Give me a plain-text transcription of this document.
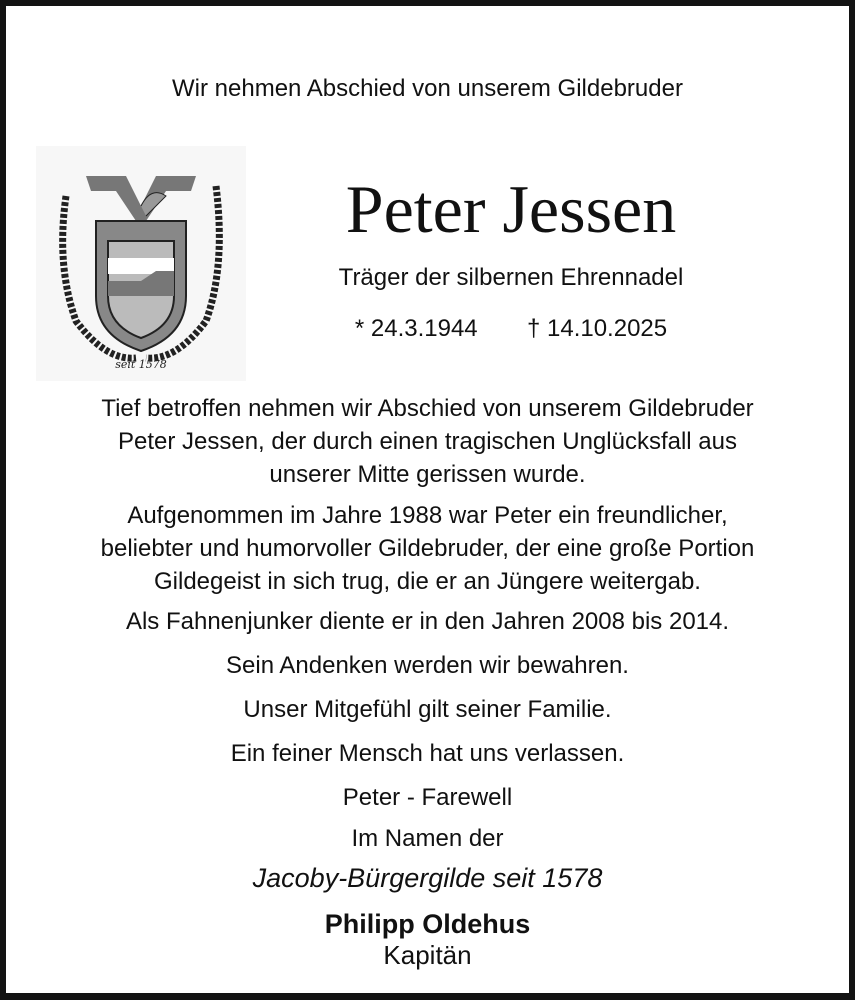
Wir nehmen Abschied von unserem Gildebruder
seit 1578
Peter Jessen
Träger der silbernen Ehrennadel
* 24.3.1944 † 14.10.2025
Tief betroffen nehmen wir Abschied von unserem Gildebruder
Peter Jessen, der durch einen tragischen Unglücksfall aus
unserer Mitte gerissen wurde.
Aufgenommen im Jahre 1988 war Peter ein freundlicher,
beliebter und humorvoller Gildebruder, der eine große Portion
Gildegeist in sich trug, die er an Jüngere weitergab.
Als Fahnenjunker diente er in den Jahren 2008 bis 2014.
Sein Andenken werden wir bewahren.
Unser Mitgefühl gilt seiner Familie.
Ein feiner Mensch hat uns verlassen.
Peter - Farewell
Im Namen der
Jacoby-Bürgergilde seit 1578
Philipp Oldehus
Kapitän
